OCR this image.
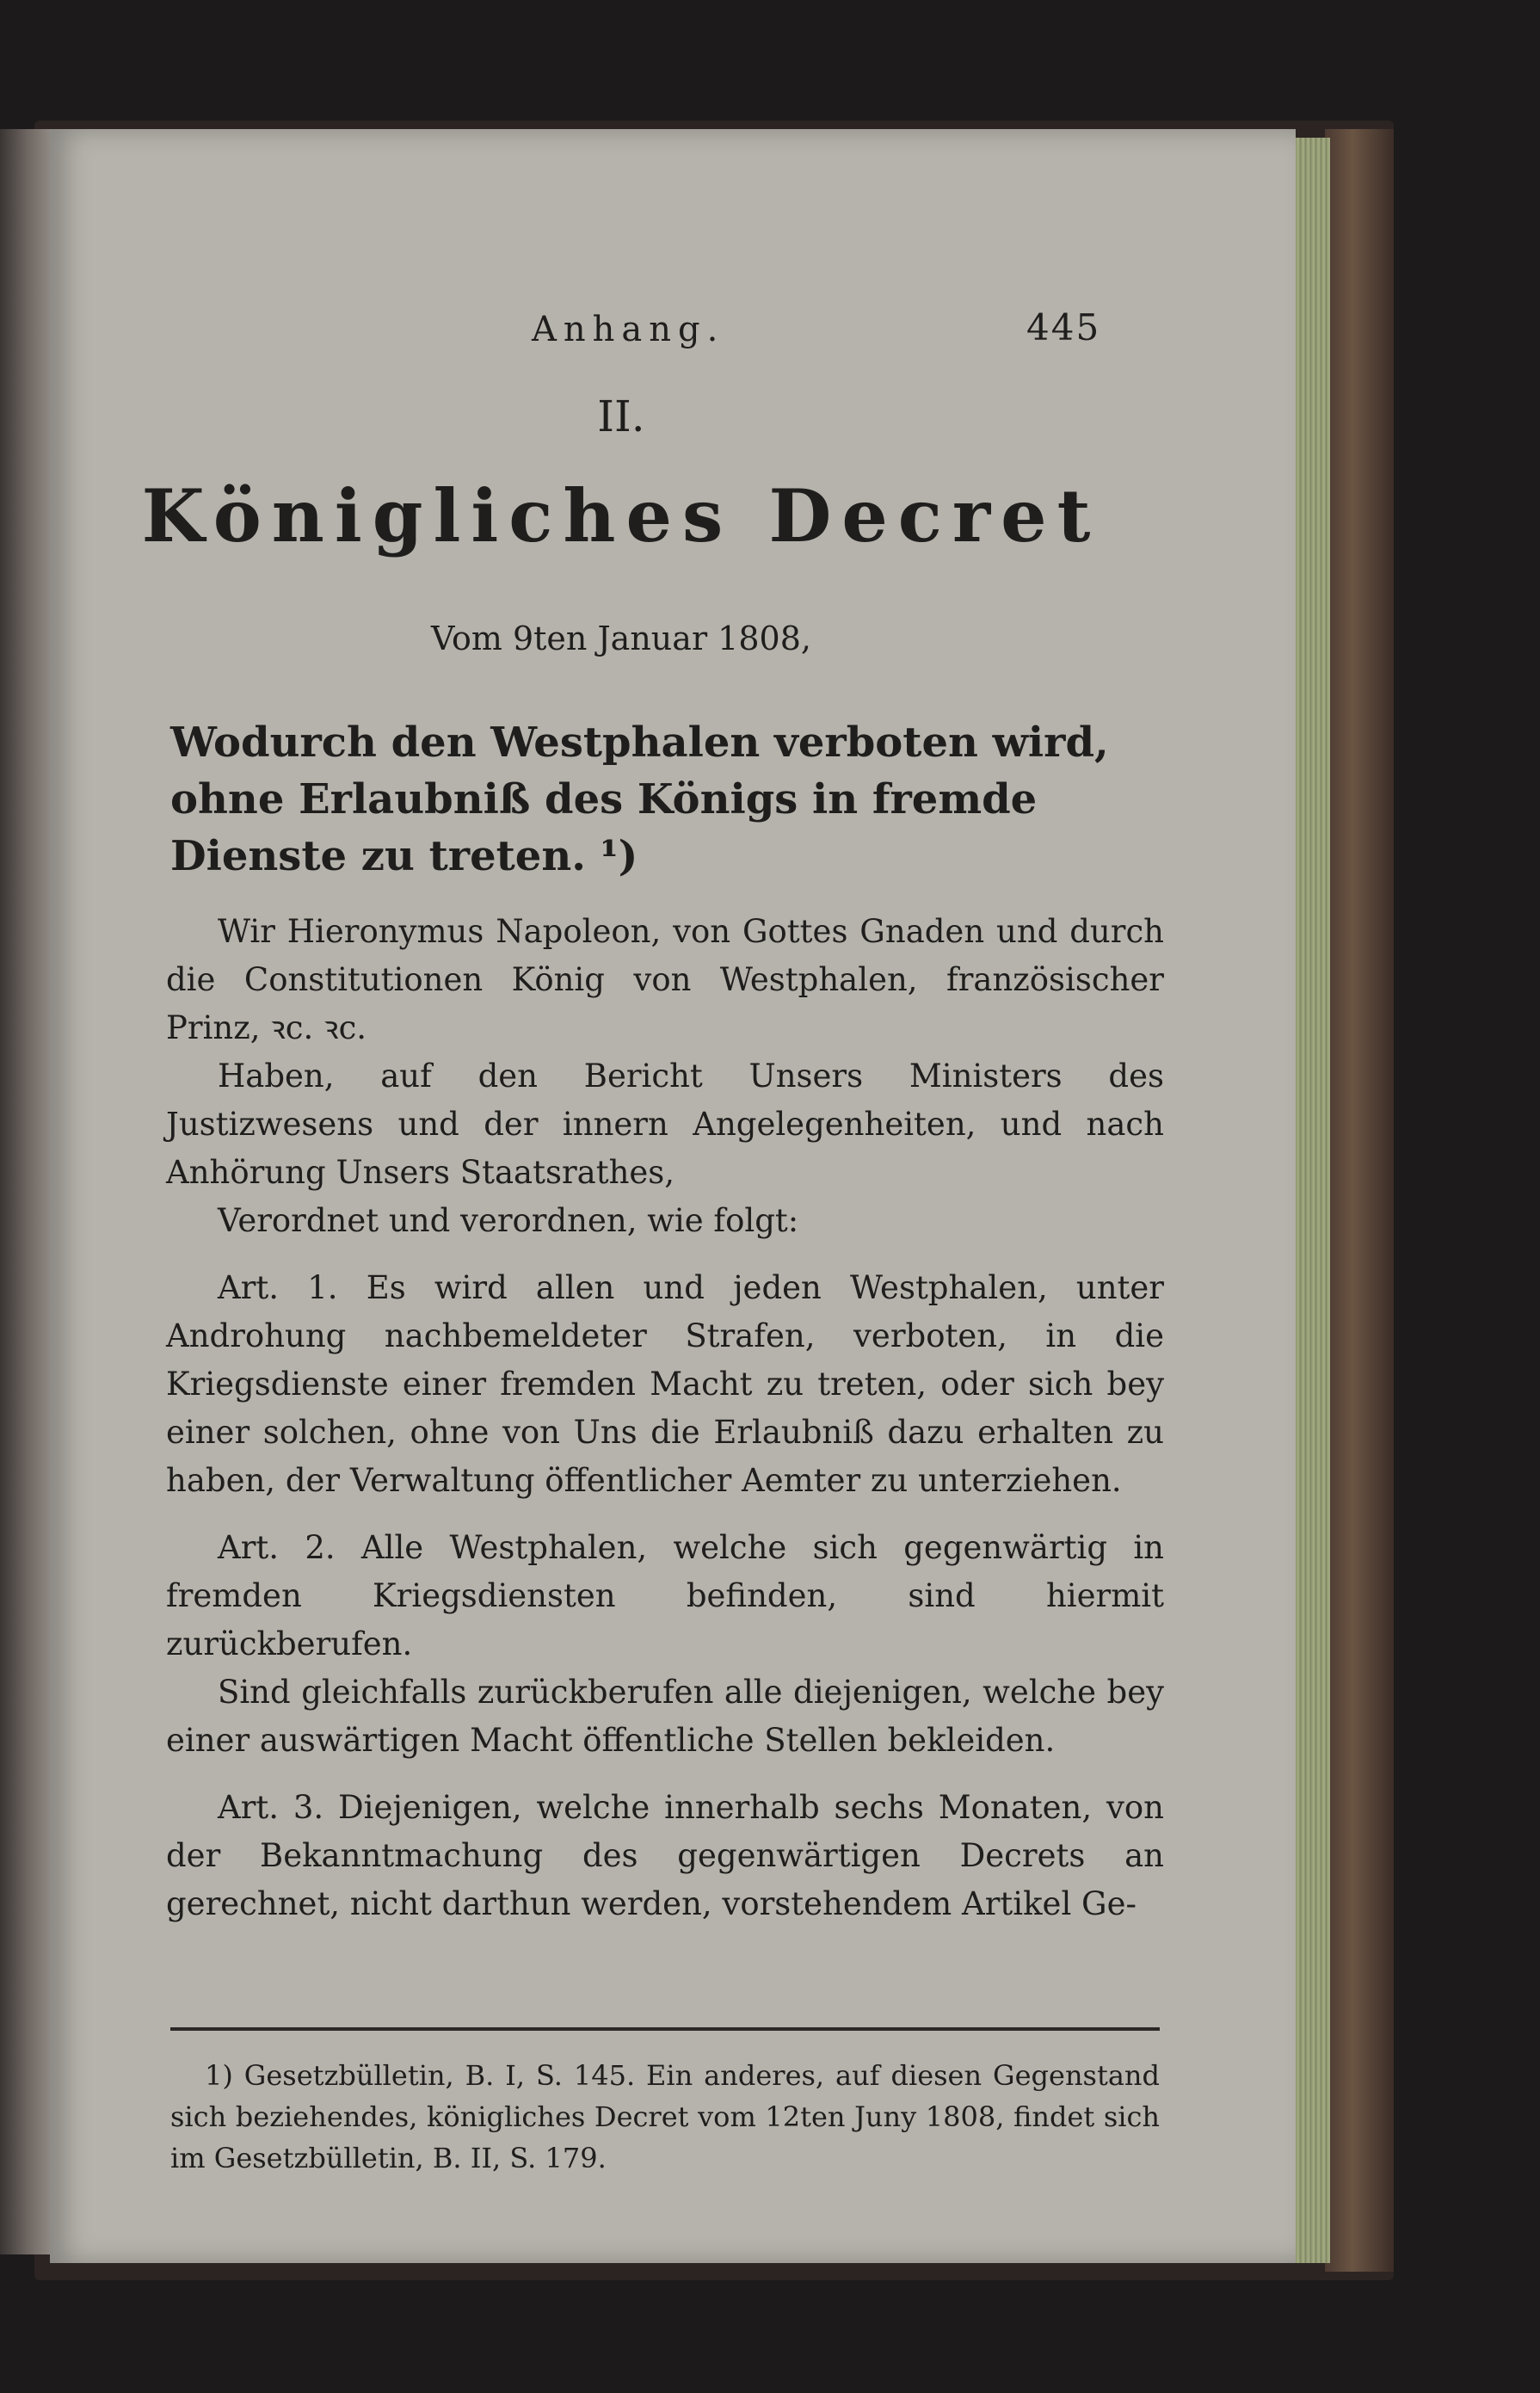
Anhang.	445
II.
Königliches Decret
Vom 9ten Januar 1808,
Wodurch den Westphalen verboten wird, ohne Erlaubniß des Königs in fremde Dienste zu treten. ¹)

Wir Hieronymus Napoleon, von Gottes Gnaden und durch die Constitutionen König von Westphalen, französischer Prinz, ꝛc. ꝛc.

Haben, auf den Bericht Unsers Ministers des Justizwesens und der innern Angelegenheiten, und nach Anhörung Unsers Staatsrathes,

Verordnet und verordnen, wie folgt:

Art. 1. Es wird allen und jeden Westphalen, unter Androhung nachbemeldeter Strafen, verboten, in die Kriegsdienste einer fremden Macht zu treten, oder sich bey einer solchen, ohne von Uns die Erlaubniß dazu erhalten zu haben, der Verwaltung öffentlicher Aemter zu unterziehen.

Art. 2. Alle Westphalen, welche sich gegenwärtig in fremden Kriegsdiensten befinden, sind hiermit zurückberufen.

Sind gleichfalls zurückberufen alle diejenigen, welche bey einer auswärtigen Macht öffentliche Stellen bekleiden.

Art. 3. Diejenigen, welche innerhalb sechs Monaten, von der Bekanntmachung des gegenwärtigen Decrets an gerechnet, nicht darthun werden, vorstehendem Artikel Ge-

1) Gesetzbülletin, B. I, S. 145. Ein anderes, auf diesen Gegenstand sich beziehendes, königliches Decret vom 12ten Juny 1808, findet sich im Gesetzbülletin, B. II, S. 179.
